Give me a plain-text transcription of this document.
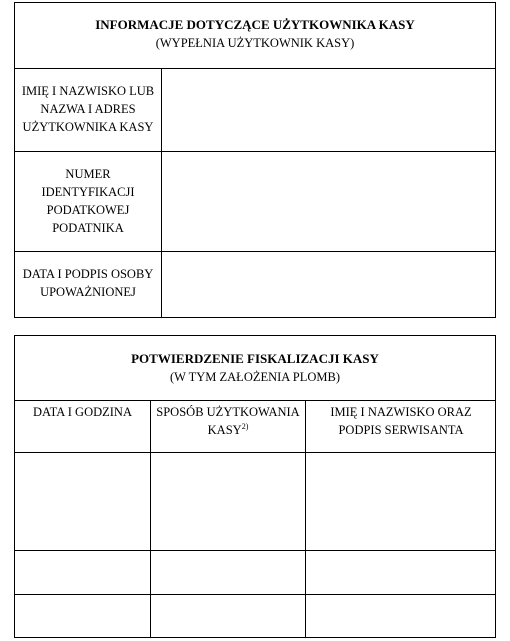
INFORMACJE DOTYCZĄCE UŻYTKOWNIKA KASY
(WYPEŁNIA UŻYTKOWNIK KASY)
IMIĘ I NAZWISKO LUB
NAZWA I ADRES
UŻYTKOWNIKA KASY
NUMER
IDENTYFIKACJI
PODATKOWEJ
PODATNIKA
DATA I PODPIS OSOBY
UPOWAŻNIONEJ
POTWIERDZENIE FISKALIZACJI KASY
(W TYM ZAŁOŻENIA PLOMB)
DATA I GODZINA	SPOSÓB UŻYTKOWANIA
KASY$^{2)}$
IMIĘ I NAZWISKO ORAZ
PODPIS SERWISANTA
